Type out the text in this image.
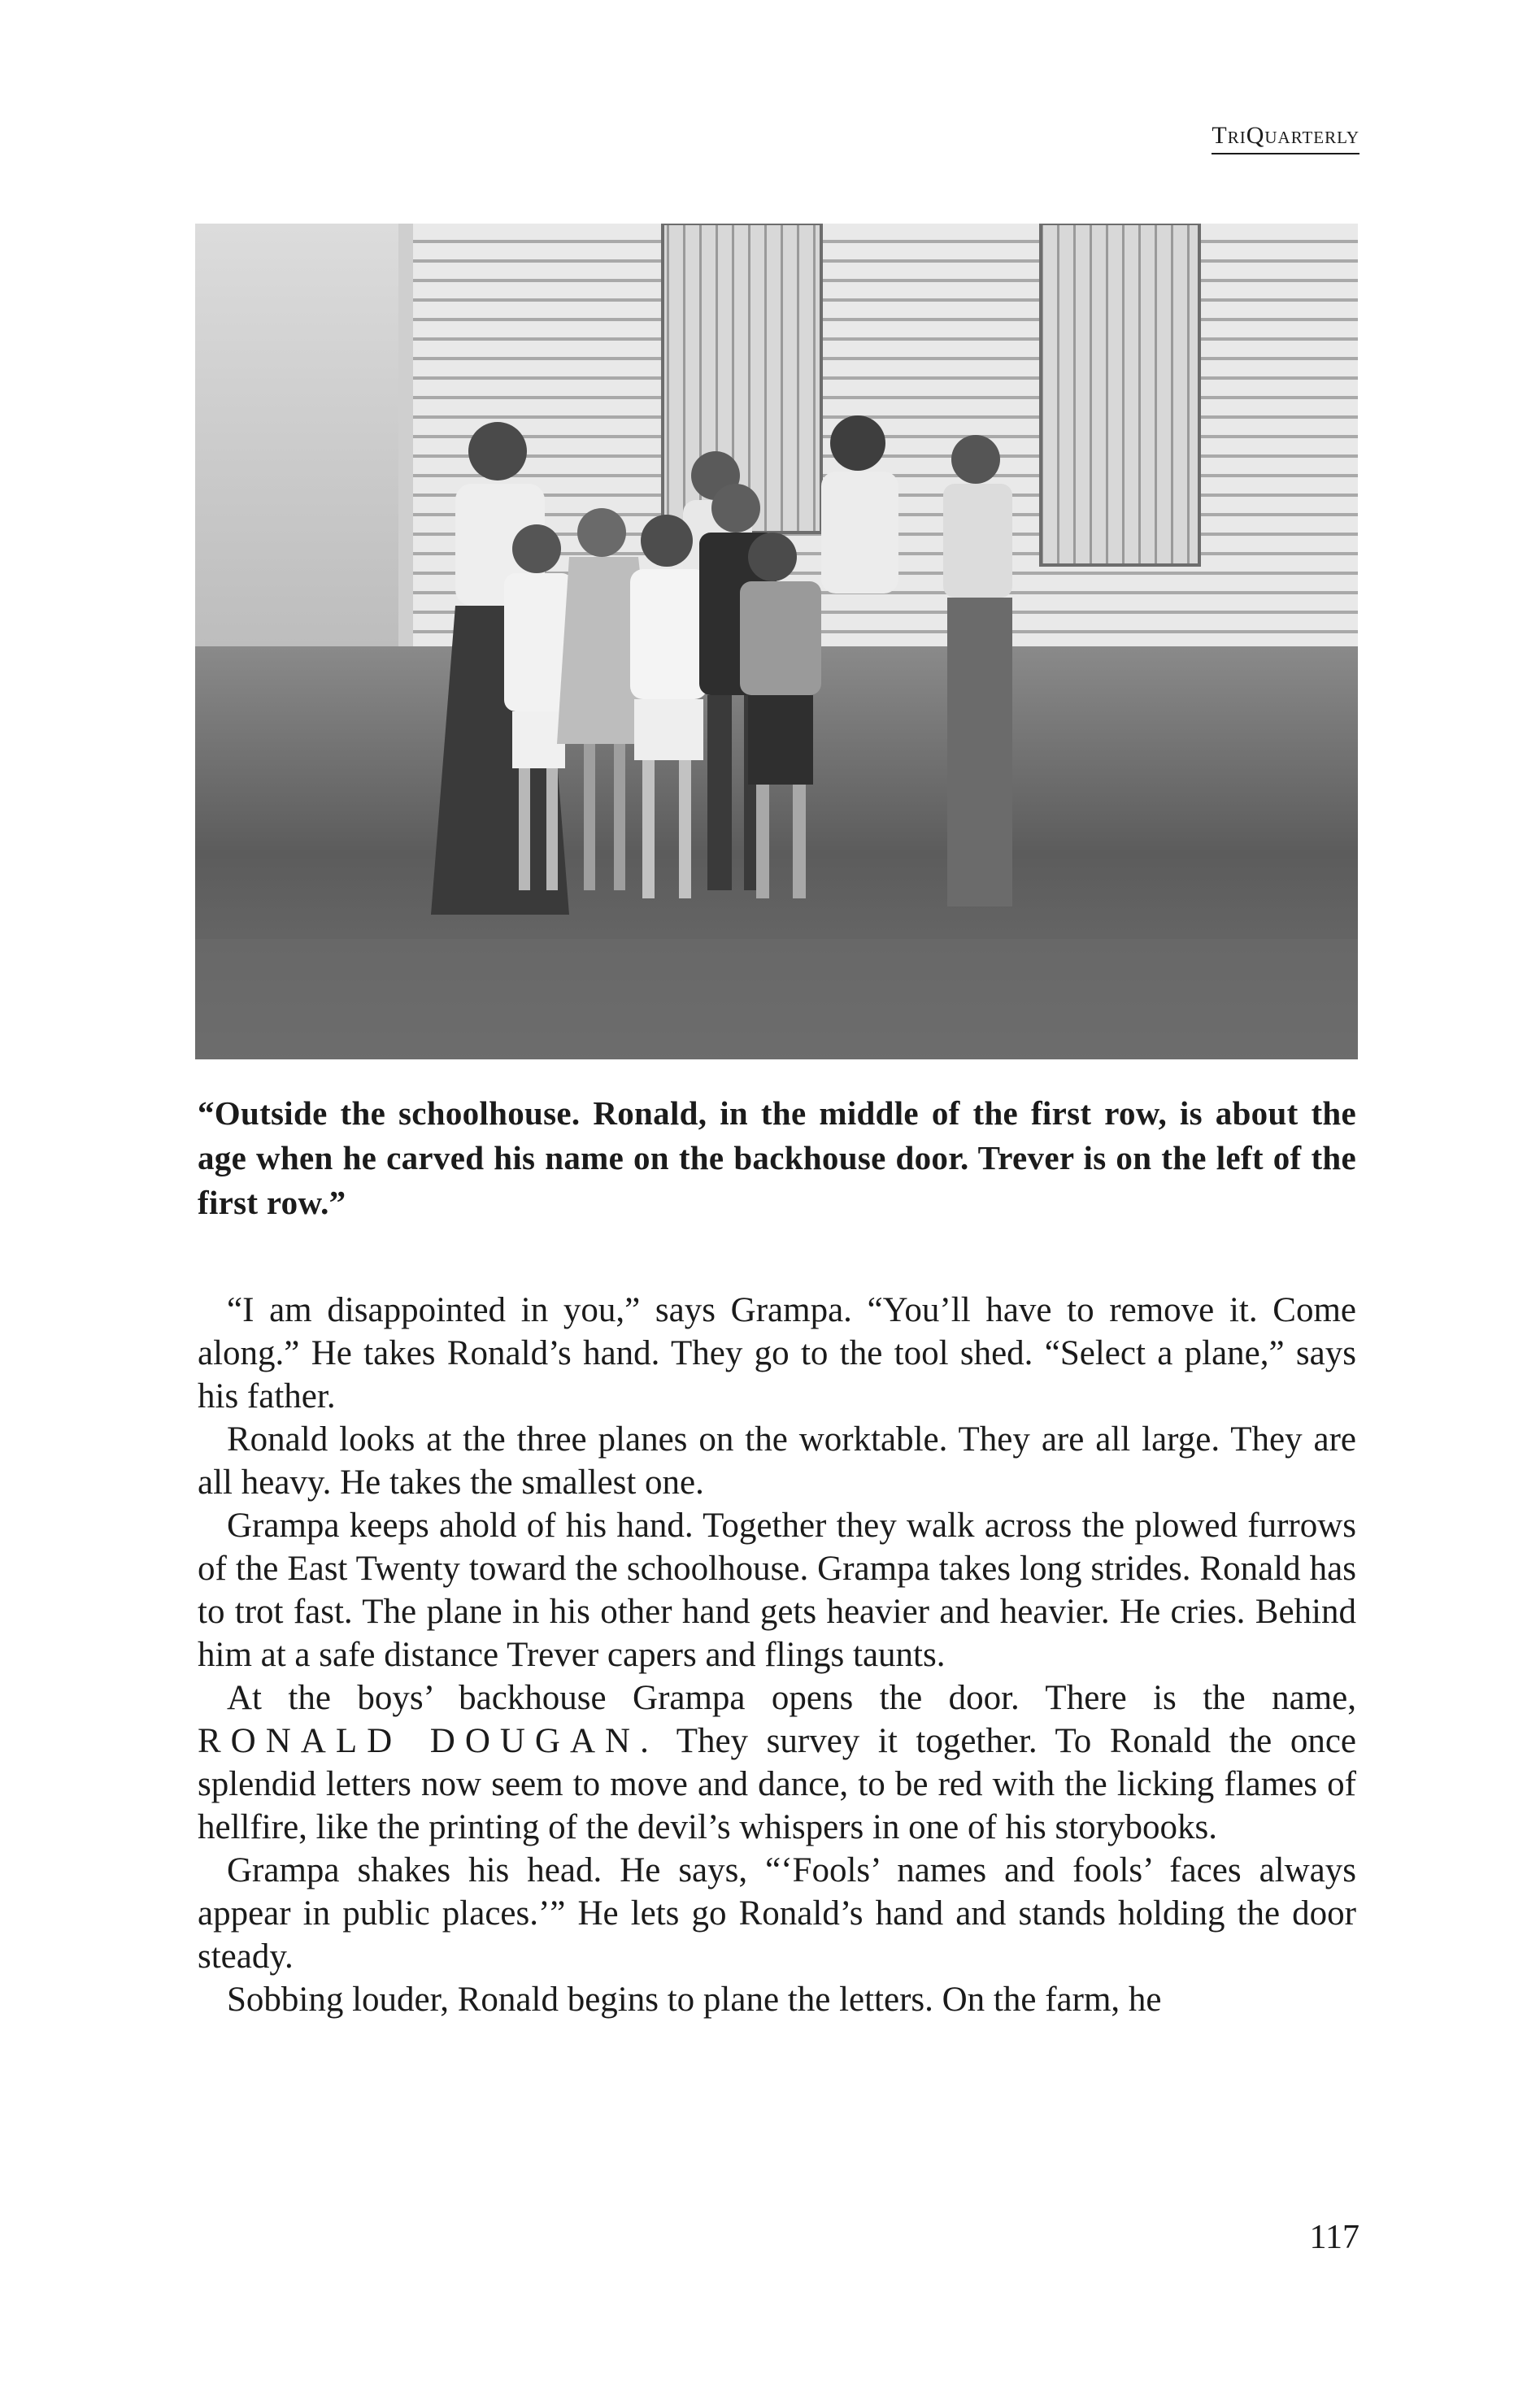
TriQuarterly
“Outside the schoolhouse. Ronald, in the middle of the first row, is about the age when he carved his name on the backhouse door. Trever is on the left of the first row.”

“I am disappointed in you,” says Grampa. “You’ll have to remove it. Come along.” He takes Ronald’s hand. They go to the tool shed. “Select a plane,” says his father.

Ronald looks at the three planes on the worktable. They are all large. They are all heavy. He takes the smallest one.

Grampa keeps ahold of his hand. Together they walk across the plowed furrows of the East Twenty toward the schoolhouse. Grampa takes long strides. Ronald has to trot fast. The plane in his other hand gets heavier and heavier. He cries. Behind him at a safe distance Trever capers and flings taunts.

At the boys’ backhouse Grampa opens the door. There is the name, RONALD DOUGAN. They survey it together. To Ronald the once splendid letters now seem to move and dance, to be red with the licking flames of hellfire, like the printing of the devil’s whispers in one of his storybooks.

Grampa shakes his head. He says, “‘Fools’ names and fools’ faces always appear in public places.’” He lets go Ronald’s hand and stands holding the door steady.

Sobbing louder, Ronald begins to plane the letters. On the farm, he

117
